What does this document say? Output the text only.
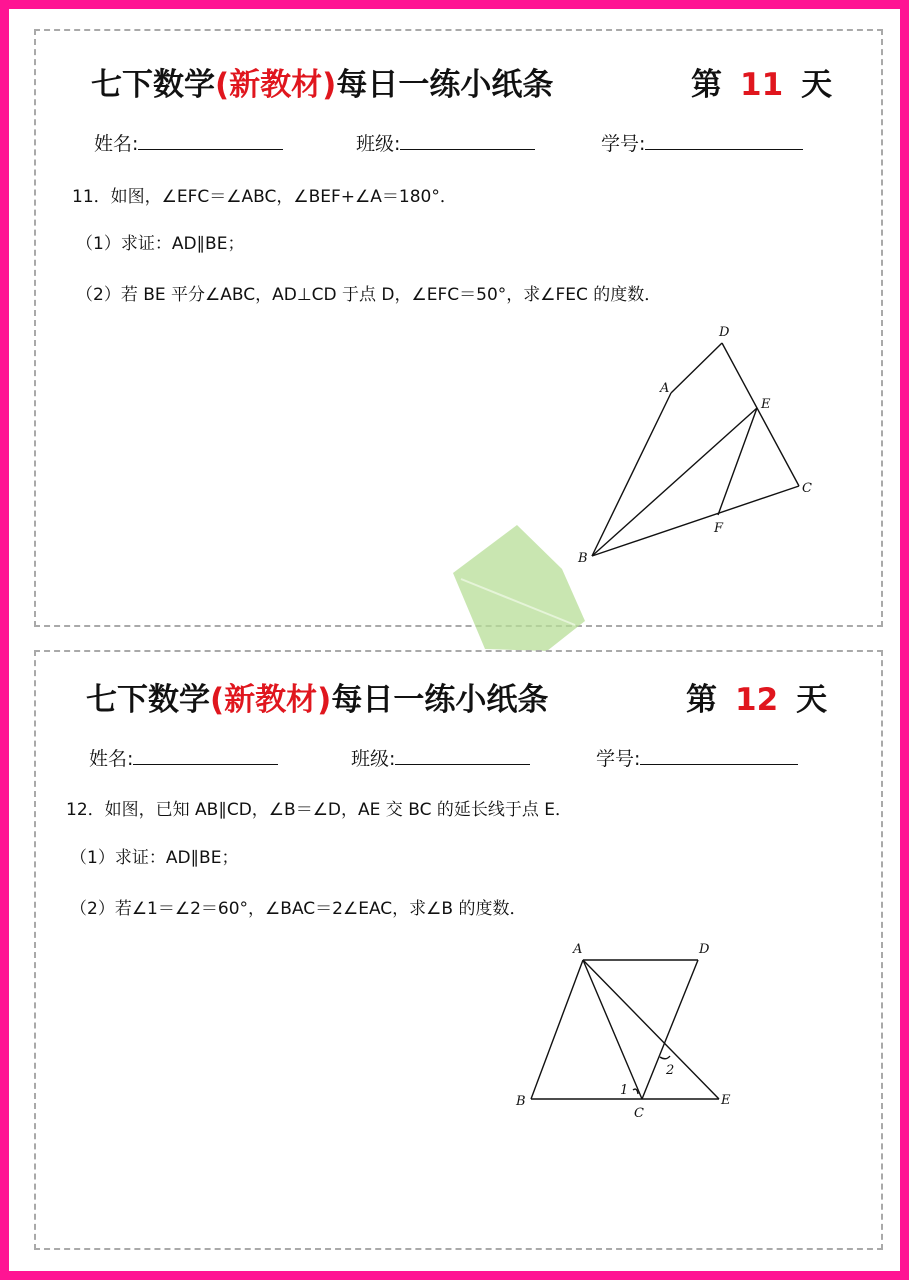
七下数学(新教材)每日一练小纸条	第 11 天
姓名:	班级:	学号:
11．如图，∠EFC＝∠ABC，∠BEF+∠A＝180°．
（1）求证：AD∥BE；
（2）若 BE 平分∠ABC，AD⊥CD 于点 D，∠EFC＝50°，求∠FEC 的度数．
D
A
E
C
F
B
七下数学(新教材)每日一练小纸条	第 12 天
姓名:	班级:	学号:
12．如图，已知 AB∥CD，∠B＝∠D，AE 交 BC 的延长线于点 E．
（1）求证：AD∥BE；
（2）若∠1＝∠2＝60°，∠BAC＝2∠EAC，求∠B 的度数．
A	D
B
C
E
1
2
